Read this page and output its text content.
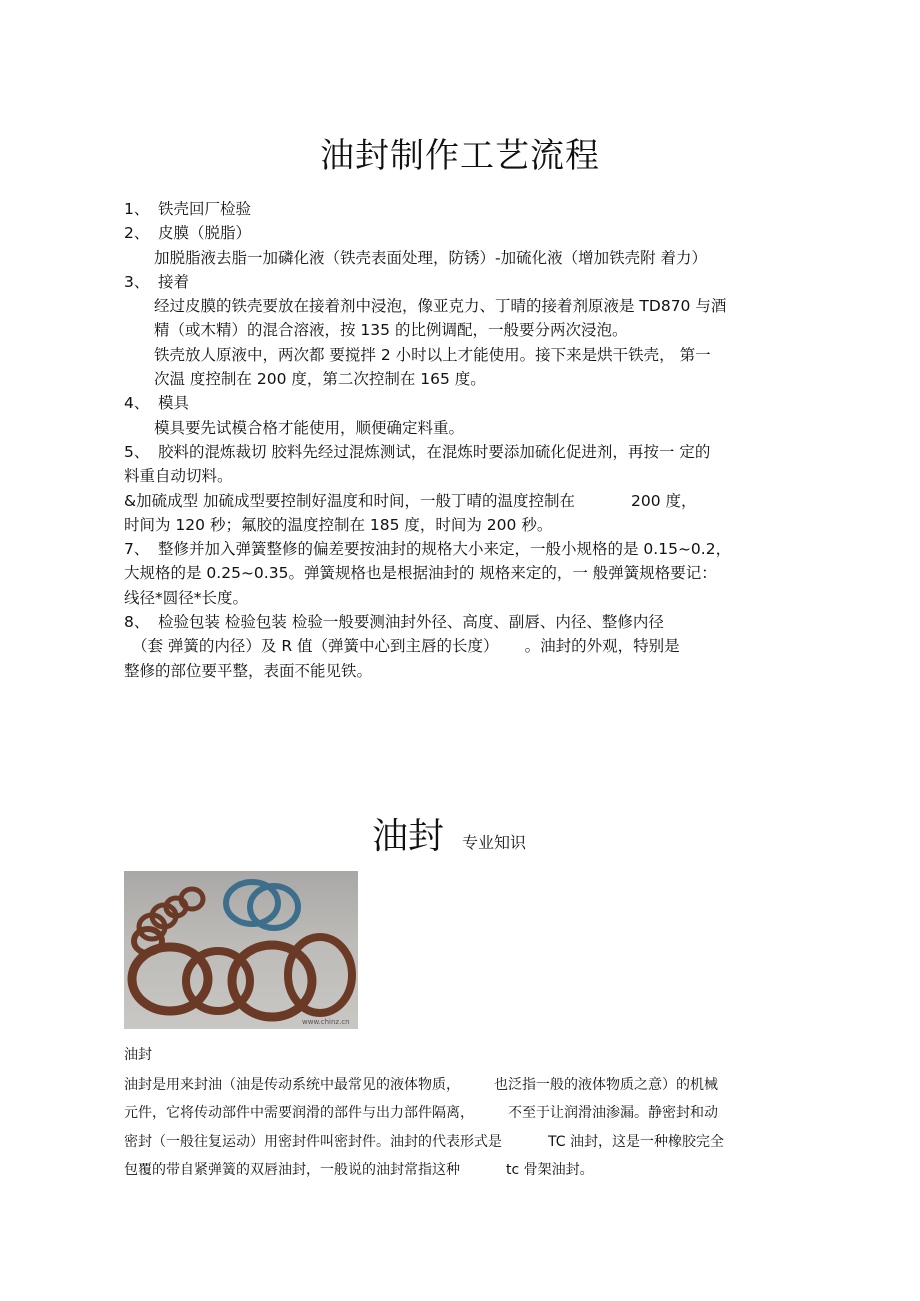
油封制作工艺流程
1、 铁壳回厂检验
2、 皮膜（脱脂）
加脱脂液去脂一加磷化液（铁壳表面处理，防锈）-加硫化液（增加铁壳附 着力）
3、 接着
经过皮膜的铁壳要放在接着剂中浸泡，像亚克力、丁晴的接着剂原液是 TD870 与酒
精（或木精）的混合溶液，按 135 的比例调配，一般要分两次浸泡。
铁壳放人原液中，两次都 要搅拌 2 小时以上才能使用。接下来是烘干铁壳， 第一
次温 度控制在 200 度，第二次控制在 165 度。
4、 模具
模具要先试模合格才能使用，顺便确定料重。
5、 胶料的混炼裁切 胶料先经过混炼测试，在混炼时要添加硫化促进剂，再按一 定的
料重自动切料。
&加硫成型 加硫成型要控制好温度和时间，一般丁晴的温度控制在	200 度，
时间为 120 秒；氟胶的温度控制在 185 度，时间为 200 秒。
7、 整修并加入弹簧整修的偏差要按油封的规格大小来定，一般小规格的是 0.15~0.2，
大规格的是 0.25~0.35。弹簧规格也是根据油封的 规格来定的，一 般弹簧规格要记：
线径*圆径*长度。
8、 检验包装 检验包装 检验一般要测油封外径、高度、副唇、内径、整修内径
（套 弹簧的内径）及 R 值（弹簧中心到主唇的长度） 。油封的外观，特别是
整修的部位要平整，表面不能见铁。
油封 专业知识
www.chinz.cn
油封
油封是用来封油（油是传动系统中最常见的液体物质， 也泛指一般的液体物质之意）的机械
元件，它将传动部件中需要润滑的部件与出力部件隔离， 不至于让润滑油渗漏。静密封和动
密封（一般往复运动）用密封件叫密封件。油封的代表形式是	TC 油封，这是一种橡胶完全
包覆的带自紧弹簧的双唇油封，一般说的油封常指这种	tc 骨架油封。
